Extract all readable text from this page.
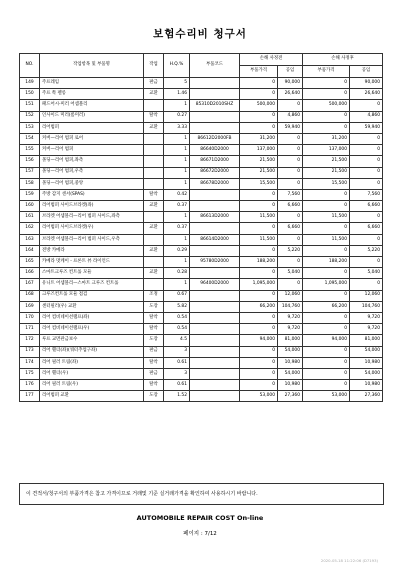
보험수리비 청구서
NO.	작업항목 및 부품명	작업	H.Q.%	부품코드	손해 사정전		손해 사정후	
					부품가격	공임	부품가격	공임
149	주프레임	판금	5		0	90,000	0	90,000
150	주프 쪽 펠롱	교환	1.46		0	26,640	0	26,640
151	패드어시-미러 어셈블리		1	85310D2010SHZ	500,000	0	500,000	0
152	인사이드 미러(룸미러)	탈착	0.27		0	4,860	0	4,860
153	리어범퍼	교환	3.33		0	59,940	0	59,940
154	커버—리어 범퍼 로어		1	86612D2000FB	31,200	0	31,200	0
155	커버—리어 범퍼		1	86640D2000	137,000	0	137,000	0
156	몰딩—리어 범퍼,좌측		1	86671D2000	21,500	0	21,500	0
157	몰딩—리어 범퍼,우측		1	86672D2000	21,500	0	21,500	0
158	몰딩—리어 범퍼,중앙		1	86678D2000	15,500	0	15,500	0
159	주방 감지 센서(SPAS)	탈착	0.42		0	7,560	0	7,560
160	리어범퍼 사이드브라켓(좌)	교환	0.37		0	6,660	0	6,660
161	브라켓 어셈블리—리어 범퍼 사이드,좌측		1	86613D2000	11,500	0	11,500	0
162	리어범퍼 사이드브라켓(우)	교환	0.37		0	6,660	0	6,660
163	브라켓 어셈블리—리어 범퍼 사이드,우측		1	86614D2000	11,500	0	11,500	0
164	전방 카메라	교환	0.29		0	5,220	0	5,220
165	카메라 멋케이 - 프론트 뷰 라이언드		1	95780D2000	188,200	0	188,200	0
166	스마트크루즈 컨트롤 모듈	교환	0.28		0	5,040	0	5,040
167	유니트 어셈블리—스마트 크루즈 컨트롤		1	96400D2000	1,095,000	0	1,095,000	0
168	크루즈컨트롤 모듈 점검	조정	0.67		0	12,060	0	12,060
169	센터필러(우) 교환	도장	5.82		66,200	104,760	66,200	104,760
170	리어 컴비네이션램프(좌)	탈착	0.54		0	9,720	0	9,720
171	리어 컴비네이션램프(우)	탈착	0.54		0	9,720	0	9,720
172	루프 교면관금보수	도장	4.5		94,000	81,000	94,000	81,000
173	리어 휀더(좌)(쿼터추업구좌)	판금	3		0	54,000	0	54,000
174	리어 필러 트림(좌)	탈착	0.61		0	10,980	0	10,980
175	리어 휀더(우)	판금	3		0	54,000	0	54,000
176	리어 필러 트림(우)	탈착	0.61		0	10,980	0	10,980
177	리어범퍼 교환	도장	1.52		53,000	27,360	53,000	27,360
이 견적서/청구서의 부품가격은 참고 가격이므로 거래및 기준 실거래가격을 확인하여 사용하시기 바랍니다.
AUTOMOBILE REPAIR COST On-line
페이지 : 7/12
2020-05-18 11:22:06 (D7193)
